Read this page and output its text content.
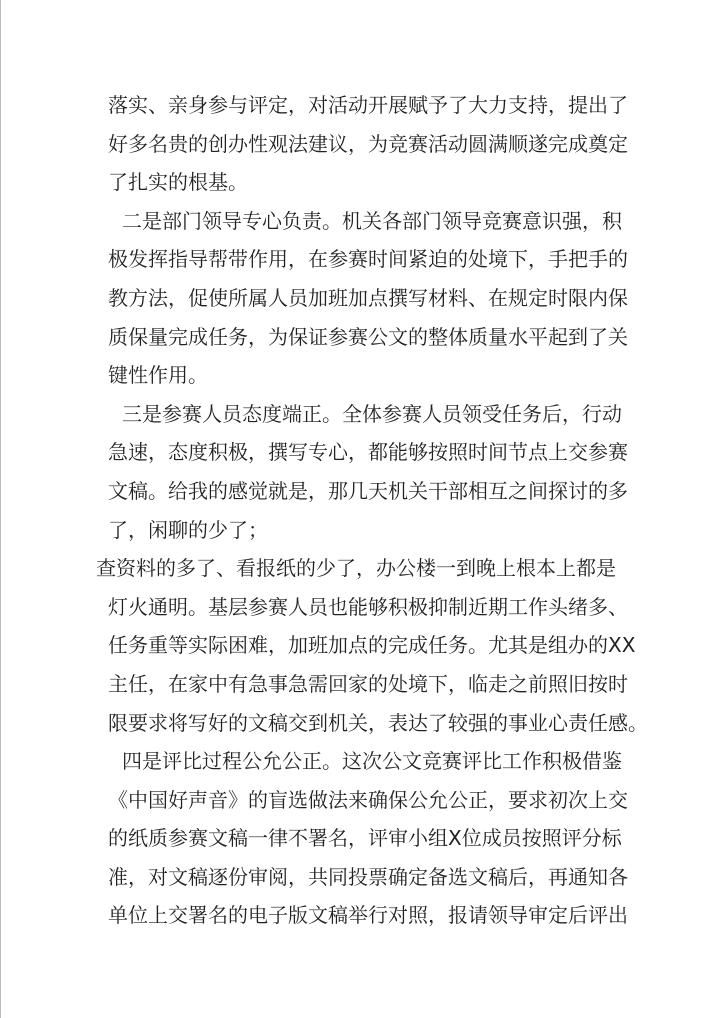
落实、亲身参与评定，对活动开展赋予了大力支持，提出了
好多名贵的创办性观法建议，为竞赛活动圆满顺遂完成奠定
了扎实的根基。
二是部门领导专心负责。机关各部门领导竞赛意识强，积
极发挥指导帮带作用，在参赛时间紧迫的处境下，手把手的
教方法，促使所属人员加班加点撰写材料、在规定时限内保
质保量完成任务，为保证参赛公文的整体质量水平起到了关
键性作用。
三是参赛人员态度端正。全体参赛人员领受任务后，行动
急速，态度积极，撰写专心，都能够按照时间节点上交参赛
文稿。给我的感觉就是，那几天机关干部相互之间探讨的多
了，闲聊的少了；
查资料的多了、看报纸的少了，办公楼一到晚上根本上都是
灯火通明。基层参赛人员也能够积极抑制近期工作头绪多、
任务重等实际困难，加班加点的完成任务。尤其是组办的XX
主任，在家中有急事急需回家的处境下，临走之前照旧按时
限要求将写好的文稿交到机关，表达了较强的事业心责任感。
四是评比过程公允公正。这次公文竞赛评比工作积极借鉴
《中国好声音》的盲选做法来确保公允公正，要求初次上交
的纸质参赛文稿一律不署名，评审小组X位成员按照评分标
准，对文稿逐份审阅，共同投票确定备选文稿后，再通知各
单位上交署名的电子版文稿举行对照，报请领导审定后评出
